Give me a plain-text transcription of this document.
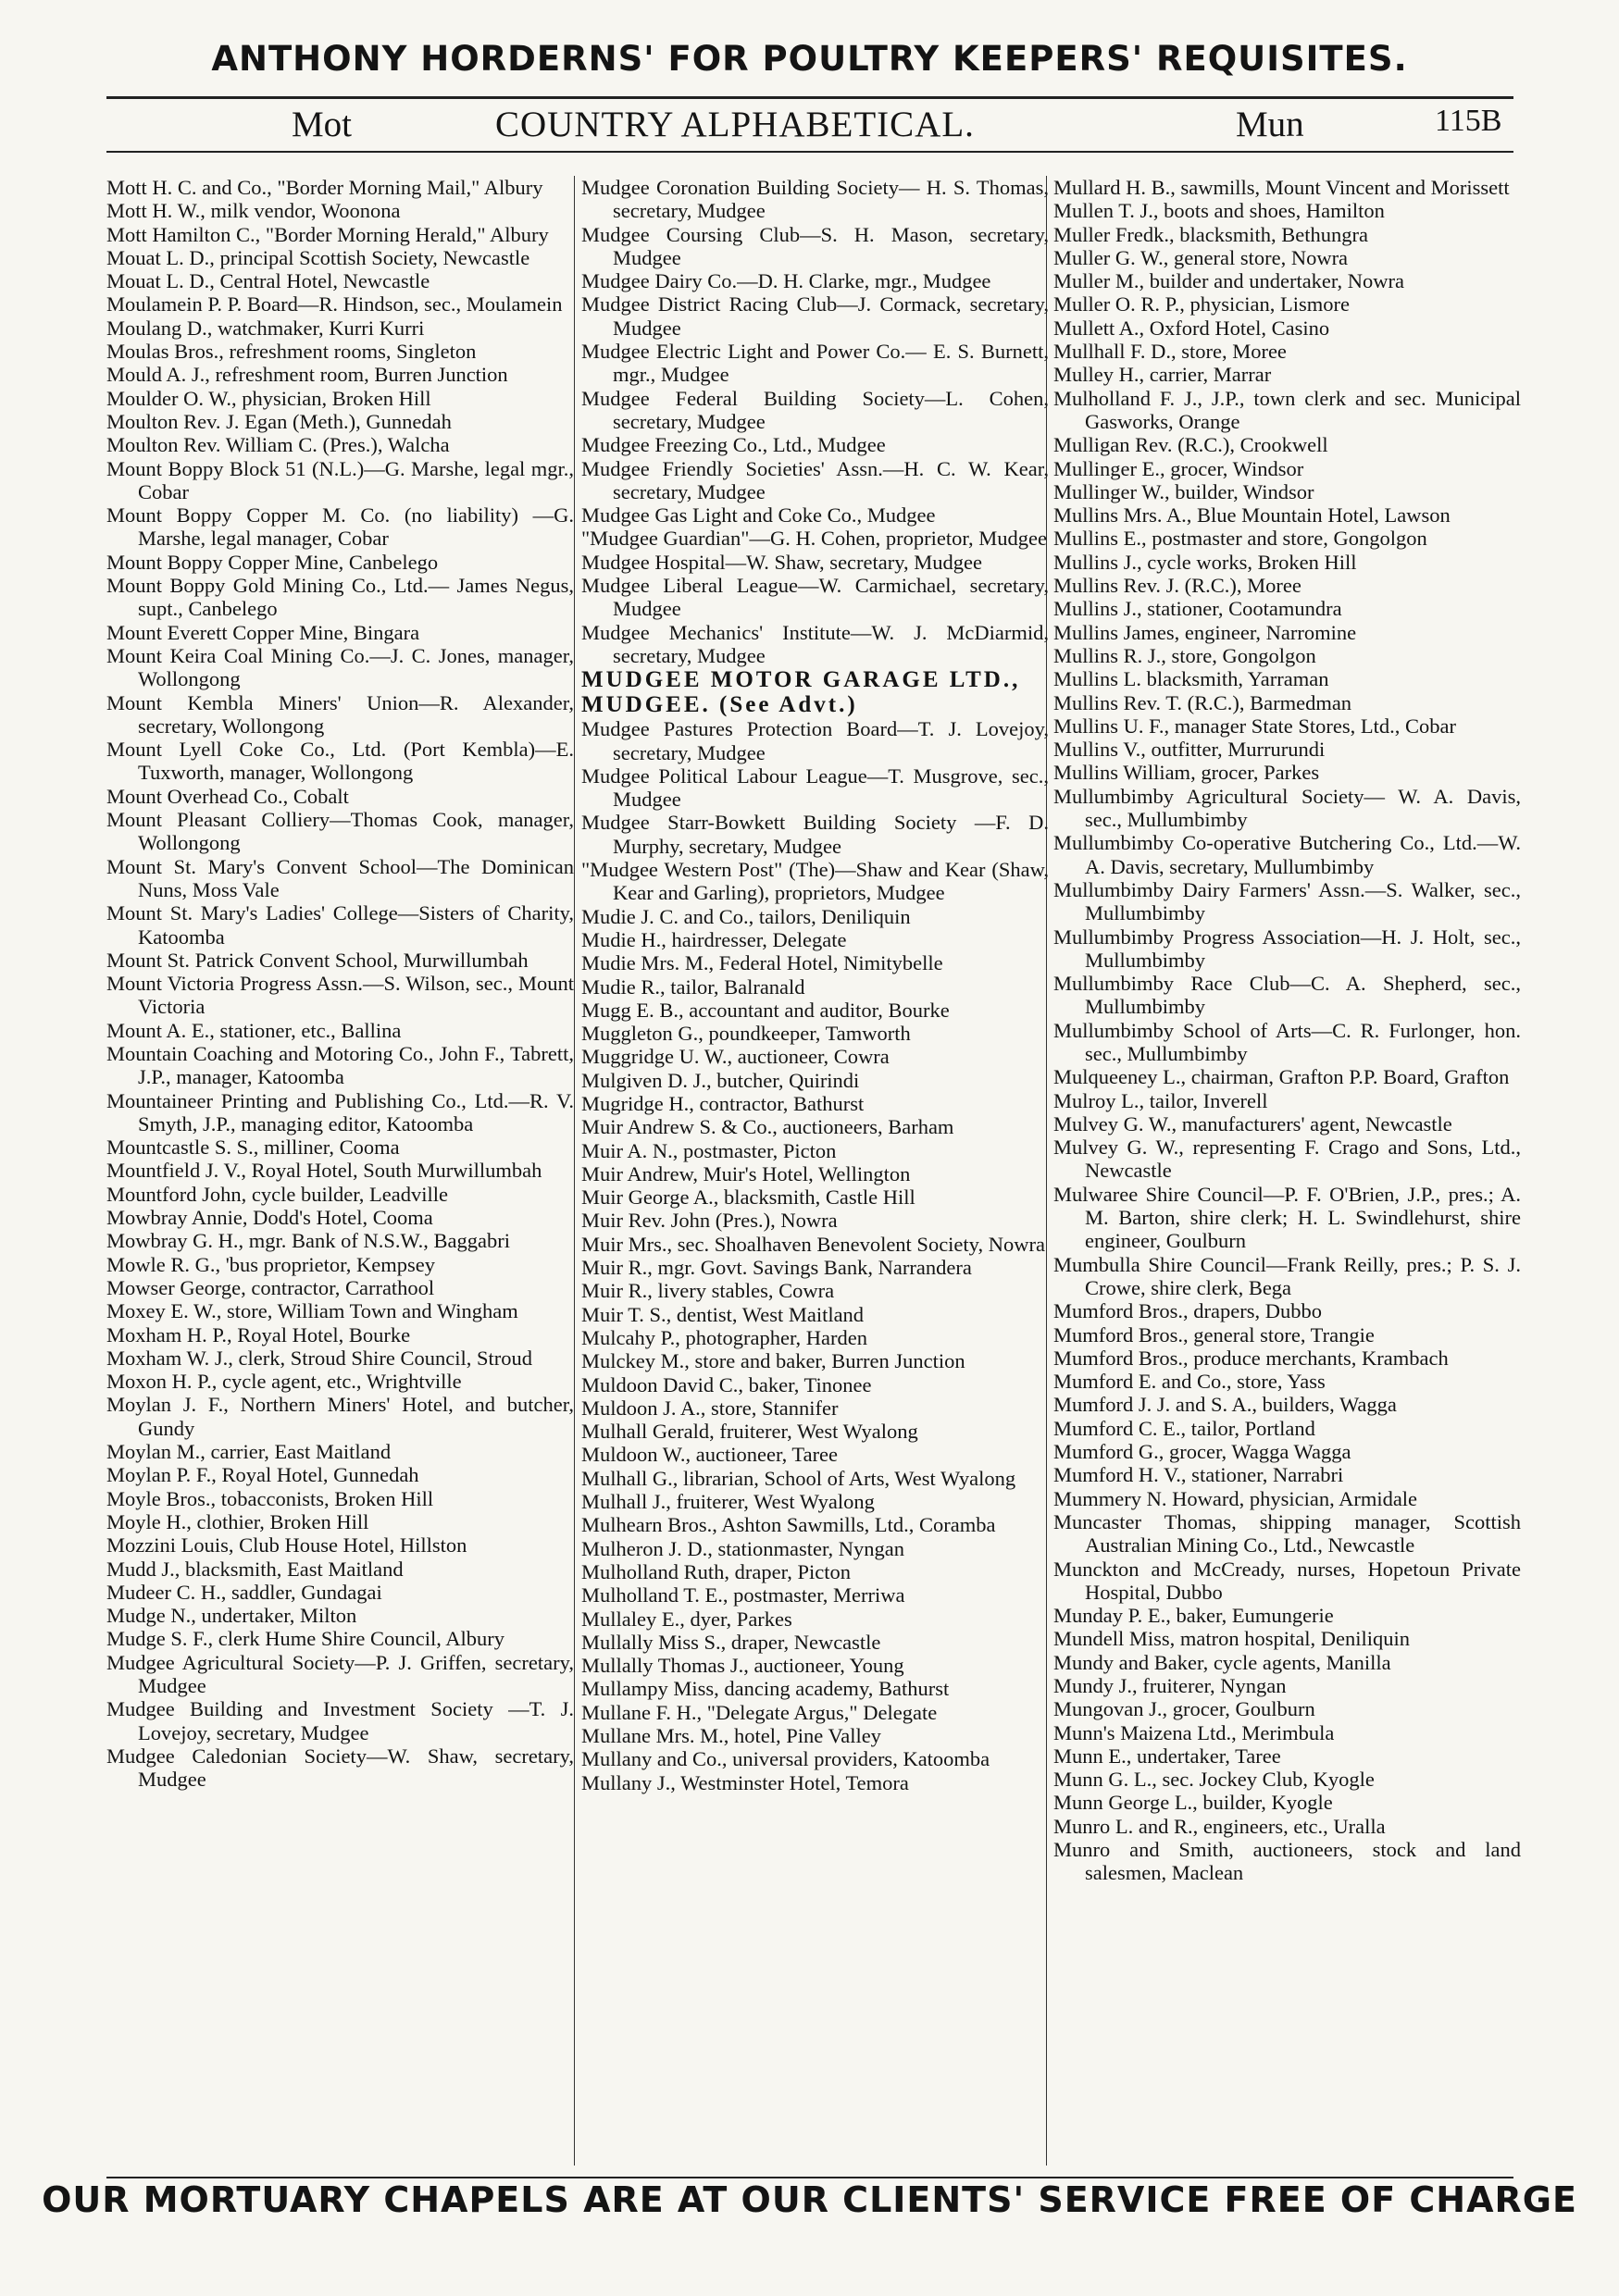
ANTHONY HORDERNS' FOR POULTRY KEEPERS' REQUISITES.
Mot	COUNTRY ALPHABETICAL.	Mun	115B

Mott H. C. and Co., "Border Morning Mail," Albury

Mott H. W., milk vendor, Woonona

Mott Hamilton C., "Border Morning Herald," Albury

Mouat L. D., principal Scottish Society, Newcastle

Mouat L. D., Central Hotel, Newcastle

Moulamein P. P. Board—R. Hindson, sec., Moulamein

Moulang D., watchmaker, Kurri Kurri

Moulas Bros., refreshment rooms, Singleton

Mould A. J., refreshment room, Burren Junction

Moulder O. W., physician, Broken Hill

Moulton Rev. J. Egan (Meth.), Gunnedah

Moulton Rev. William C. (Pres.), Walcha

Mount Boppy Block 51 (N.L.)—G. Marshe, legal mgr., Cobar

Mount Boppy Copper M. Co. (no liability) —G. Marshe, legal manager, Cobar

Mount Boppy Copper Mine, Canbelego

Mount Boppy Gold Mining Co., Ltd.— James Negus, supt., Canbelego

Mount Everett Copper Mine, Bingara

Mount Keira Coal Mining Co.—J. C. Jones, manager, Wollongong

Mount Kembla Miners' Union—R. Alexander, secretary, Wollongong

Mount Lyell Coke Co., Ltd. (Port Kembla)—E. Tuxworth, manager, Wollongong

Mount Overhead Co., Cobalt

Mount Pleasant Colliery—Thomas Cook, manager, Wollongong

Mount St. Mary's Convent School—The Dominican Nuns, Moss Vale

Mount St. Mary's Ladies' College—Sisters of Charity, Katoomba

Mount St. Patrick Convent School, Murwillumbah

Mount Victoria Progress Assn.—S. Wilson, sec., Mount Victoria

Mount A. E., stationer, etc., Ballina

Mountain Coaching and Motoring Co., John F., Tabrett, J.P., manager, Katoomba

Mountaineer Printing and Publishing Co., Ltd.—R. V. Smyth, J.P., managing editor, Katoomba

Mountcastle S. S., milliner, Cooma

Mountfield J. V., Royal Hotel, South Murwillumbah

Mountford John, cycle builder, Leadville

Mowbray Annie, Dodd's Hotel, Cooma

Mowbray G. H., mgr. Bank of N.S.W., Baggabri

Mowle R. G., 'bus proprietor, Kempsey

Mowser George, contractor, Carrathool

Moxey E. W., store, William Town and Wingham

Moxham H. P., Royal Hotel, Bourke

Moxham W. J., clerk, Stroud Shire Council, Stroud

Moxon H. P., cycle agent, etc., Wrightville

Moylan J. F., Northern Miners' Hotel, and butcher, Gundy

Moylan M., carrier, East Maitland

Moylan P. F., Royal Hotel, Gunnedah

Moyle Bros., tobacconists, Broken Hill

Moyle H., clothier, Broken Hill

Mozzini Louis, Club House Hotel, Hillston

Mudd J., blacksmith, East Maitland

Mudeer C. H., saddler, Gundagai

Mudge N., undertaker, Milton

Mudge S. F., clerk Hume Shire Council, Albury

Mudgee Agricultural Society—P. J. Griffen, secretary, Mudgee

Mudgee Building and Investment Society —T. J. Lovejoy, secretary, Mudgee

Mudgee Caledonian Society—W. Shaw, secretary, Mudgee

Mudgee Coronation Building Society— H. S. Thomas, secretary, Mudgee

Mudgee Coursing Club—S. H. Mason, secretary, Mudgee

Mudgee Dairy Co.—D. H. Clarke, mgr., Mudgee

Mudgee District Racing Club—J. Cormack, secretary, Mudgee

Mudgee Electric Light and Power Co.— E. S. Burnett, mgr., Mudgee

Mudgee Federal Building Society—L. Cohen, secretary, Mudgee

Mudgee Freezing Co., Ltd., Mudgee

Mudgee Friendly Societies' Assn.—H. C. W. Kear, secretary, Mudgee

Mudgee Gas Light and Coke Co., Mudgee

"Mudgee Guardian"—G. H. Cohen, proprietor, Mudgee

Mudgee Hospital—W. Shaw, secretary, Mudgee

Mudgee Liberal League—W. Carmichael, secretary, Mudgee

Mudgee Mechanics' Institute—W. J. McDiarmid, secretary, Mudgee

MUDGEE MOTOR GARAGE LTD., MUDGEE. (See Advt.)

Mudgee Pastures Protection Board—T. J. Lovejoy, secretary, Mudgee

Mudgee Political Labour League—T. Musgrove, sec., Mudgee

Mudgee Starr-Bowkett Building Society —F. D. Murphy, secretary, Mudgee

"Mudgee Western Post" (The)—Shaw and Kear (Shaw, Kear and Garling), proprietors, Mudgee

Mudie J. C. and Co., tailors, Deniliquin

Mudie H., hairdresser, Delegate

Mudie Mrs. M., Federal Hotel, Nimitybelle

Mudie R., tailor, Balranald

Mugg E. B., accountant and auditor, Bourke

Muggleton G., poundkeeper, Tamworth

Muggridge U. W., auctioneer, Cowra

Mulgiven D. J., butcher, Quirindi

Mugridge H., contractor, Bathurst

Muir Andrew S. & Co., auctioneers, Barham

Muir A. N., postmaster, Picton

Muir Andrew, Muir's Hotel, Wellington

Muir George A., blacksmith, Castle Hill

Muir Rev. John (Pres.), Nowra

Muir Mrs., sec. Shoalhaven Benevolent Society, Nowra

Muir R., mgr. Govt. Savings Bank, Narrandera

Muir R., livery stables, Cowra

Muir T. S., dentist, West Maitland

Mulcahy P., photographer, Harden

Mulckey M., store and baker, Burren Junction

Muldoon David C., baker, Tinonee

Muldoon J. A., store, Stannifer

Mulhall Gerald, fruiterer, West Wyalong

Muldoon W., auctioneer, Taree

Mulhall G., librarian, School of Arts, West Wyalong

Mulhall J., fruiterer, West Wyalong

Mulhearn Bros., Ashton Sawmills, Ltd., Coramba

Mulheron J. D., stationmaster, Nyngan

Mulholland Ruth, draper, Picton

Mulholland T. E., postmaster, Merriwa

Mullaley E., dyer, Parkes

Mullally Miss S., draper, Newcastle

Mullally Thomas J., auctioneer, Young

Mullampy Miss, dancing academy, Bathurst

Mullane F. H., "Delegate Argus," Delegate

Mullane Mrs. M., hotel, Pine Valley

Mullany and Co., universal providers, Katoomba

Mullany J., Westminster Hotel, Temora

Mullard H. B., sawmills, Mount Vincent and Morissett

Mullen T. J., boots and shoes, Hamilton

Muller Fredk., blacksmith, Bethungra

Muller G. W., general store, Nowra

Muller M., builder and undertaker, Nowra

Muller O. R. P., physician, Lismore

Mullett A., Oxford Hotel, Casino

Mullhall F. D., store, Moree

Mulley H., carrier, Marrar

Mulholland F. J., J.P., town clerk and sec. Municipal Gasworks, Orange

Mulligan Rev. (R.C.), Crookwell

Mullinger E., grocer, Windsor

Mullinger W., builder, Windsor

Mullins Mrs. A., Blue Mountain Hotel, Lawson

Mullins E., postmaster and store, Gongolgon

Mullins J., cycle works, Broken Hill

Mullins Rev. J. (R.C.), Moree

Mullins J., stationer, Cootamundra

Mullins James, engineer, Narromine

Mullins R. J., store, Gongolgon

Mullins L. blacksmith, Yarraman

Mullins Rev. T. (R.C.), Barmedman

Mullins U. F., manager State Stores, Ltd., Cobar

Mullins V., outfitter, Murrurundi

Mullins William, grocer, Parkes

Mullumbimby Agricultural Society— W. A. Davis, sec., Mullumbimby

Mullumbimby Co-operative Butchering Co., Ltd.—W. A. Davis, secretary, Mullumbimby

Mullumbimby Dairy Farmers' Assn.—S. Walker, sec., Mullumbimby

Mullumbimby Progress Association—H. J. Holt, sec., Mullumbimby

Mullumbimby Race Club—C. A. Shepherd, sec., Mullumbimby

Mullumbimby School of Arts—C. R. Furlonger, hon. sec., Mullumbimby

Mulqueeney L., chairman, Grafton P.P. Board, Grafton

Mulroy L., tailor, Inverell

Mulvey G. W., manufacturers' agent, Newcastle

Mulvey G. W., representing F. Crago and Sons, Ltd., Newcastle

Mulwaree Shire Council—P. F. O'Brien, J.P., pres.; A. M. Barton, shire clerk; H. L. Swindlehurst, shire engineer, Goulburn

Mumbulla Shire Council—Frank Reilly, pres.; P. S. J. Crowe, shire clerk, Bega

Mumford Bros., drapers, Dubbo

Mumford Bros., general store, Trangie

Mumford Bros., produce merchants, Krambach

Mumford E. and Co., store, Yass

Mumford J. J. and S. A., builders, Wagga

Mumford C. E., tailor, Portland

Mumford G., grocer, Wagga Wagga

Mumford H. V., stationer, Narrabri

Mummery N. Howard, physician, Armidale

Muncaster Thomas, shipping manager, Scottish Australian Mining Co., Ltd., Newcastle

Munckton and McCready, nurses, Hopetoun Private Hospital, Dubbo

Munday P. E., baker, Eumungerie

Mundell Miss, matron hospital, Deniliquin

Mundy and Baker, cycle agents, Manilla

Mundy J., fruiterer, Nyngan

Mungovan J., grocer, Goulburn

Munn's Maizena Ltd., Merimbula

Munn E., undertaker, Taree

Munn G. L., sec. Jockey Club, Kyogle

Munn George L., builder, Kyogle

Munro L. and R., engineers, etc., Uralla

Munro and Smith, auctioneers, stock and land salesmen, Maclean

OUR MORTUARY CHAPELS ARE AT OUR CLIENTS' SERVICE FREE OF CHARGE
